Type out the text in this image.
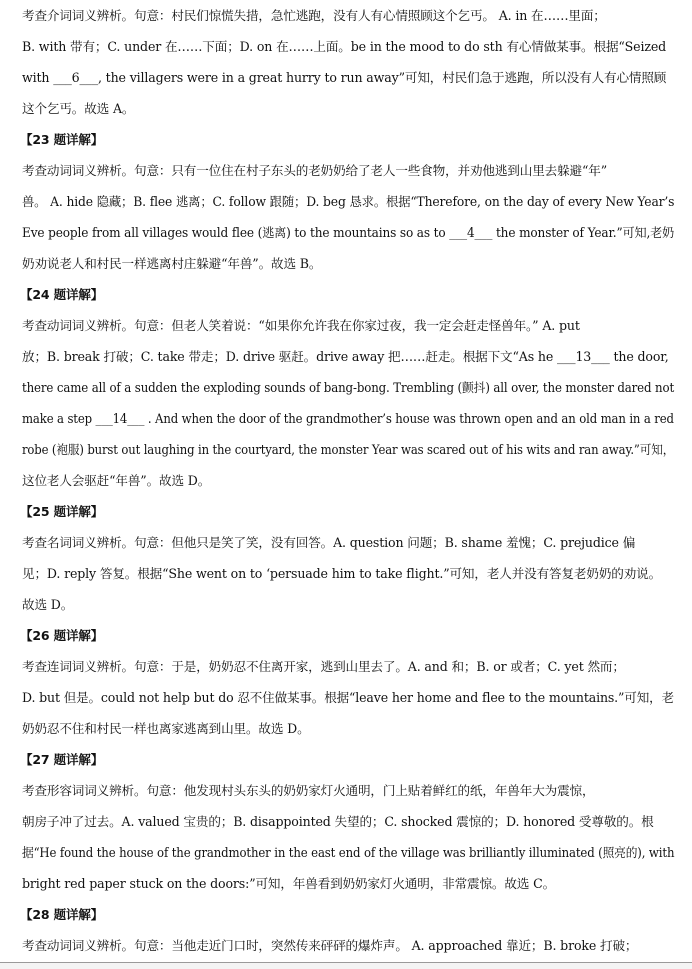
考查介词词义辨析。句意：村民们惊慌失措，急忙逃跑，没有人有心情照顾这个乞丐。 A. in 在……里面；
B. with 带有；C. under 在……下面；D. on 在……上面。be in the mood to do sth 有心情做某事。根据“Seized
with ___6___, the villagers were in a great hurry to run away”可知，村民们急于逃跑，所以没有人有心情照顾
这个乞丐。故选 A。
【23 题详解】
考查动词词义辨析。句意：只有一位住在村子东头的老奶奶给了老人一些食物，并劝他逃到山里去躲避“年”
兽。 A. hide 隐藏；B. flee 逃离；C. follow 跟随；D. beg 恳求。根据“Therefore, on the day of every New Year’s
Eve people from all villages would flee (逃离) to the mountains so as to ___4___ the monster of Year.”可知,老奶
奶劝说老人和村民一样逃离村庄躲避“年兽”。故选 B。
【24 题详解】
考查动词词义辨析。句意：但老人笑着说：“如果你允许我在你家过夜，我一定会赶走怪兽年。” A. put
放；B. break 打破；C. take 带走；D. drive 驱赶。drive away 把……赶走。根据下文“As he ___13___ the door,
there came all of a sudden the exploding sounds of bang-bong. Trembling (颤抖) all over, the monster dared not
make a step ___14___ . And when the door of the grandmother’s house was thrown open and an old man in a red
robe (袍服) burst out laughing in the courtyard, the monster Year was scared out of his wits and ran away.”可知，
这位老人会驱赶“年兽”。故选 D。
【25 题详解】
考查名词词义辨析。句意：但他只是笑了笑，没有回答。A. question 问题；B. shame 羞愧；C. prejudice 偏
见；D. reply 答复。根据“She went on to ‘persuade him to take flight.”可知，老人并没有答复老奶奶的劝说。
故选 D。
【26 题详解】
考查连词词义辨析。句意：于是，奶奶忍不住离开家，逃到山里去了。A. and 和；B. or 或者；C. yet 然而；
D. but 但是。could not help but do 忍不住做某事。根据“leave her home and flee to the mountains.”可知，老
奶奶忍不住和村民一样也离家逃离到山里。故选 D。
【27 题详解】
考查形容词词义辨析。句意：他发现村头东头的奶奶家灯火通明，门上贴着鲜红的纸，年兽年大为震惊，
朝房子冲了过去。A. valued 宝贵的；B. disappointed 失望的；C. shocked 震惊的；D. honored 受尊敬的。根
据“He found the house of the grandmother in the east end of the village was brilliantly illuminated (照亮的), with
bright red paper stuck on the doors:”可知，年兽看到奶奶家灯火通明，非常震惊。故选 C。
【28 题详解】
考查动词词义辨析。句意：当他走近门口时，突然传来砰砰的爆炸声。 A. approached 靠近；B. broke 打破；
